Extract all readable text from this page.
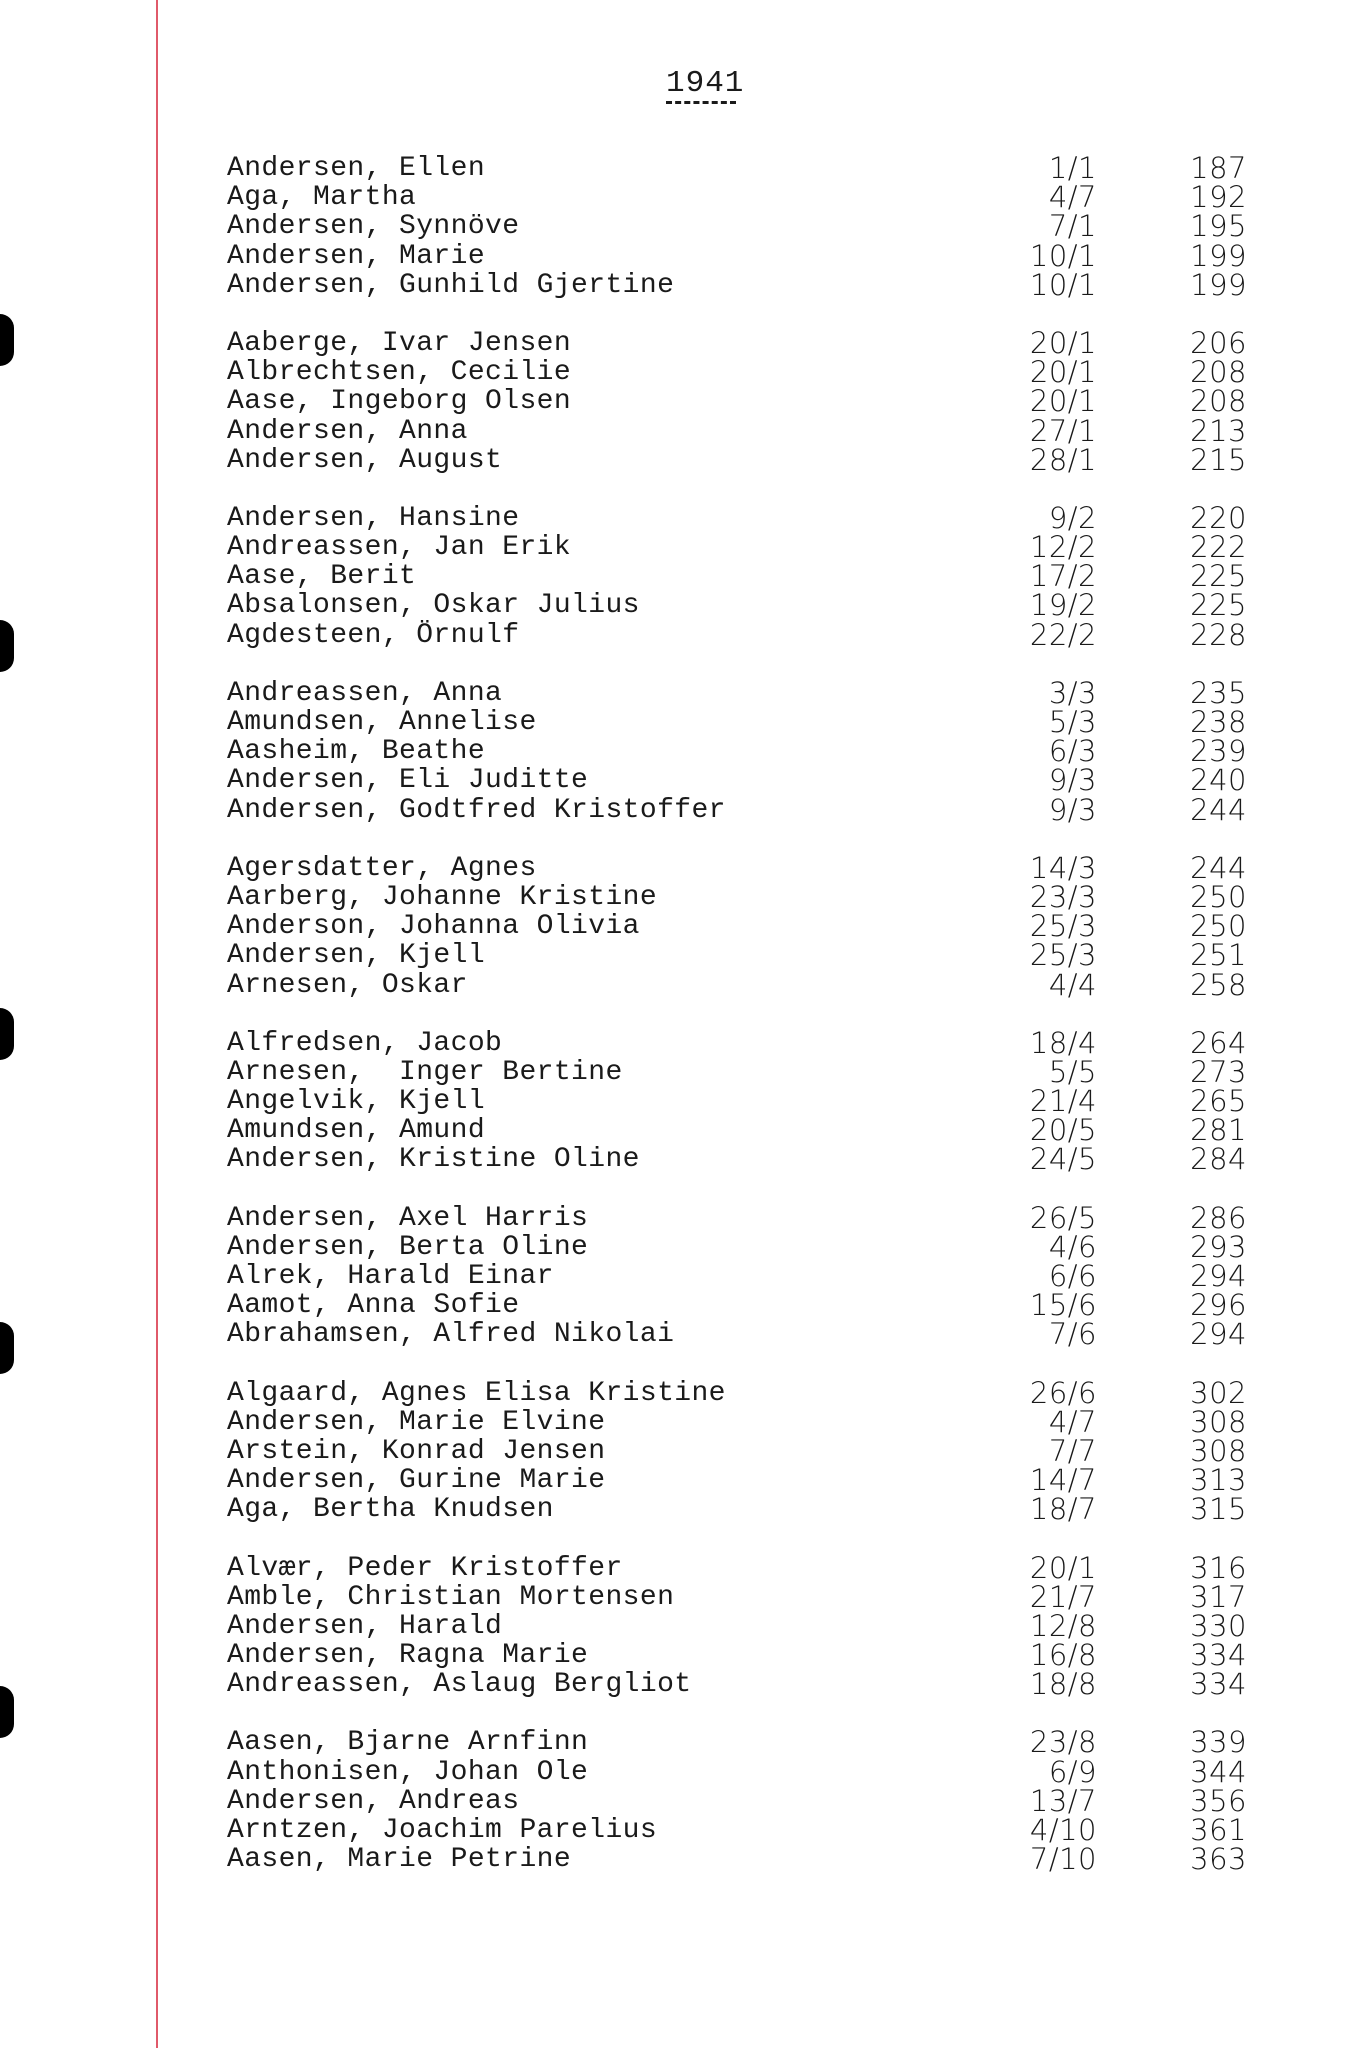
1941
Andersen, Ellen	1/1	187
Aga, Martha	4/7	192
Andersen, Synnöve	7/1	195
Andersen, Marie	10/1	199
Andersen, Gunhild Gjertine	10/1	199
Aaberge, Ivar Jensen	20/1	206
Albrechtsen, Cecilie	20/1	208
Aase, Ingeborg Olsen	20/1	208
Andersen, Anna	27/1	213
Andersen, August	28/1	215
Andersen, Hansine	9/2	220
Andreassen, Jan Erik	12/2	222
Aase, Berit	17/2	225
Absalonsen, Oskar Julius	19/2	225
Agdesteen, Örnulf	22/2	228
Andreassen, Anna	3/3	235
Amundsen, Annelise	5/3	238
Aasheim, Beathe	6/3	239
Andersen, Eli Juditte	9/3	240
Andersen, Godtfred Kristoffer	9/3	244
Agersdatter, Agnes	14/3	244
Aarberg, Johanne Kristine	23/3	250
Anderson, Johanna Olivia	25/3	250
Andersen, Kjell	25/3	251
Arnesen, Oskar	4/4	258
Alfredsen, Jacob	18/4	264
Arnesen,  Inger Bertine	5/5	273
Angelvik, Kjell	21/4	265
Amundsen, Amund	20/5	281
Andersen, Kristine Oline	24/5	284
Andersen, Axel Harris	26/5	286
Andersen, Berta Oline	4/6	293
Alrek, Harald Einar	6/6	294
Aamot, Anna Sofie	15/6	296
Abrahamsen, Alfred Nikolai	7/6	294
Algaard, Agnes Elisa Kristine	26/6	302
Andersen, Marie Elvine	4/7	308
Arstein, Konrad Jensen	7/7	308
Andersen, Gurine Marie	14/7	313
Aga, Bertha Knudsen	18/7	315
Alvær, Peder Kristoffer	20/1	316
Amble, Christian Mortensen	21/7	317
Andersen, Harald	12/8	330
Andersen, Ragna Marie	16/8	334
Andreassen, Aslaug Bergliot	18/8	334
Aasen, Bjarne Arnfinn	23/8	339
Anthonisen, Johan Ole	6/9	344
Andersen, Andreas	13/7	356
Arntzen, Joachim Parelius	4/10	361
Aasen, Marie Petrine	7/10	363
